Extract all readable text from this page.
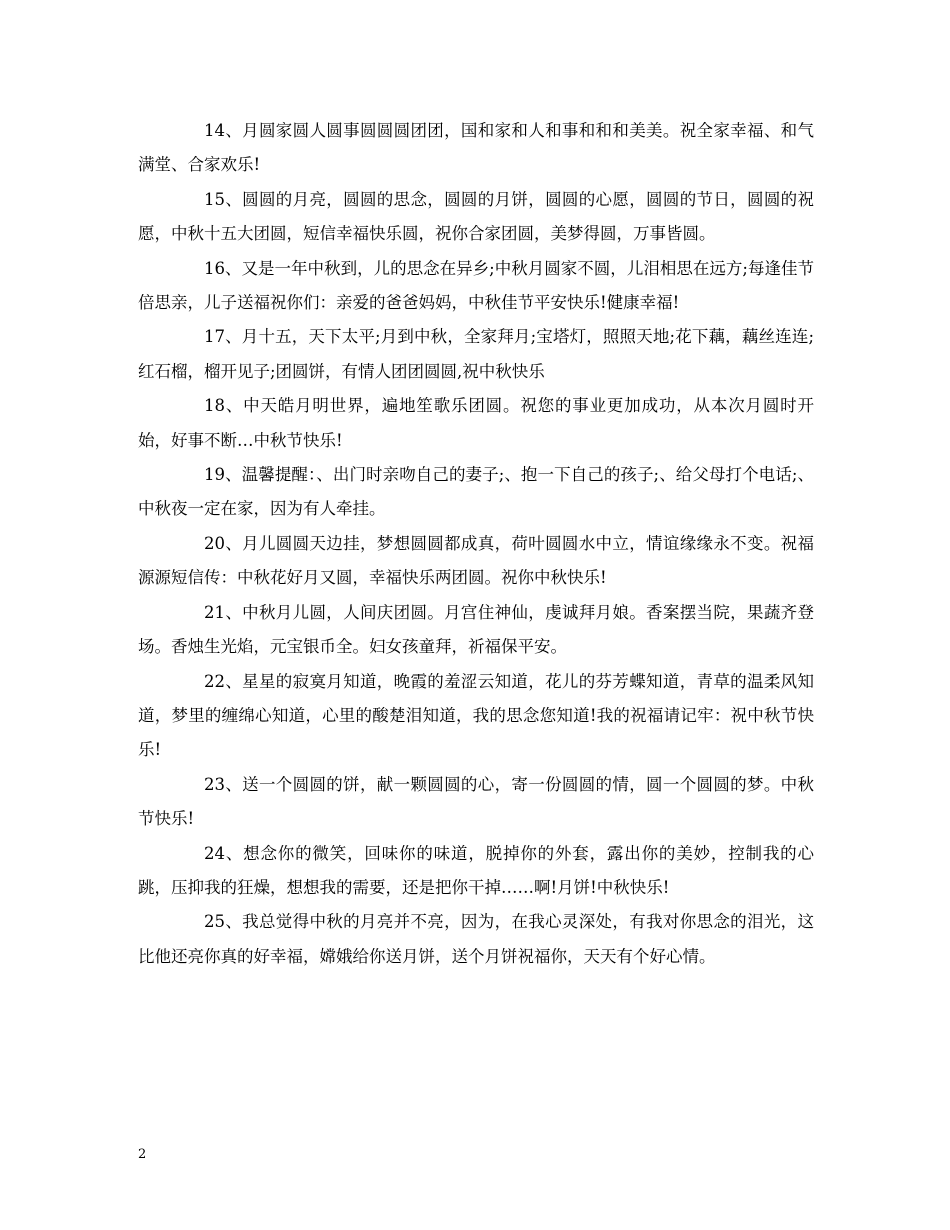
14、月圆家圆人圆事圆圆圆团团，国和家和人和事和和和美美。祝全家幸福、和气满堂、合家欢乐!

15、圆圆的月亮，圆圆的思念，圆圆的月饼，圆圆的心愿，圆圆的节日，圆圆的祝愿，中秋十五大团圆，短信幸福快乐圆，祝你合家团圆，美梦得圆，万事皆圆。

16、又是一年中秋到，儿的思念在异乡;中秋月圆家不圆，儿泪相思在远方;每逢佳节倍思亲，儿子送福祝你们：亲爱的爸爸妈妈，中秋佳节平安快乐!健康幸福!

17、月十五，天下太平;月到中秋，全家拜月;宝塔灯，照照天地;花下藕，藕丝连连;红石榴，榴开见子;团圆饼，有情人团团圆圆,祝中秋快乐

18、中天皓月明世界，遍地笙歌乐团圆。祝您的事业更加成功，从本次月圆时开始，好事不断…中秋节快乐!

19、温馨提醒：、出门时亲吻自己的妻子;、抱一下自己的孩子;、给父母打个电话;、中秋夜一定在家，因为有人牵挂。

20、月儿圆圆天边挂，梦想圆圆都成真，荷叶圆圆水中立，情谊缘缘永不变。祝福源源短信传：中秋花好月又圆，幸福快乐两团圆。祝你中秋快乐!

21、中秋月儿圆，人间庆团圆。月宫住神仙，虔诚拜月娘。香案摆当院，果蔬齐登场。香烛生光焰，元宝银币全。妇女孩童拜，祈福保平安。

22、星星的寂寞月知道，晚霞的羞涩云知道，花儿的芬芳蝶知道，青草的温柔风知道，梦里的缠绵心知道，心里的酸楚泪知道，我的思念您知道!我的祝福请记牢：祝中秋节快乐!

23、送一个圆圆的饼，献一颗圆圆的心，寄一份圆圆的情，圆一个圆圆的梦。中秋节快乐!

24、想念你的微笑，回味你的味道，脱掉你的外套，露出你的美妙，控制我的心跳，压抑我的狂燥，想想我的需要，还是把你干掉……啊!月饼!中秋快乐!

25、我总觉得中秋的月亮并不亮，因为，在我心灵深处，有我对你思念的泪光，这比他还亮你真的好幸福，嫦娥给你送月饼，送个月饼祝福你，天天有个好心情。

2
